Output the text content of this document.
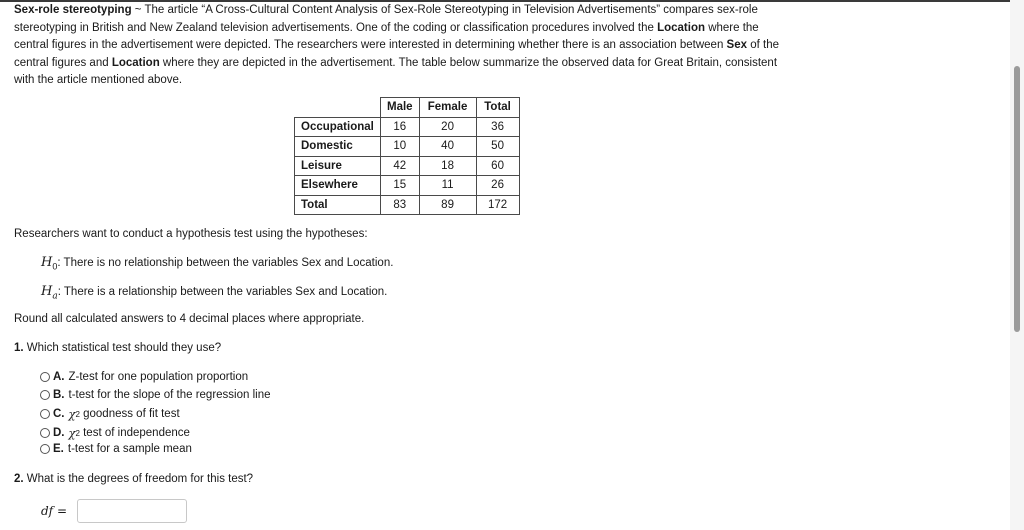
Sex-role stereotyping ~ The article “A Cross-Cultural Content Analysis of Sex-Role Stereotyping in Television Advertisements” compares sex-role stereotyping in British and New Zealand television advertisements. One of the coding or classification procedures involved the Location where the central figures in the advertisement were depicted. The researchers were interested in determining whether there is an association between Sex of the central figures and Location where they are depicted in the advertisement. The table below summarize the observed data for Great Britain, consistent with the article mentioned above.

	Male	Female	Total
Occupational	16	20	36
Domestic	10	40	50
Leisure	42	18	60
Elsewhere	15	11	26
Total	83	89	172
Researchers want to conduct a hypothesis test using the hypotheses:
$H_0$: There is no relationship between the variables Sex and Location.
$H_a$: There is a relationship between the variables Sex and Location.
Round all calculated answers to 4 decimal places where appropriate.
1. Which statistical test should they use?
A. Z-test for one population proportion
B. t-test for the slope of the regression line
C. χ 2 goodness of fit test
D. χ 2 test of independence
E. t-test for a sample mean
2. What is the degrees of freedom for this test?
df =
